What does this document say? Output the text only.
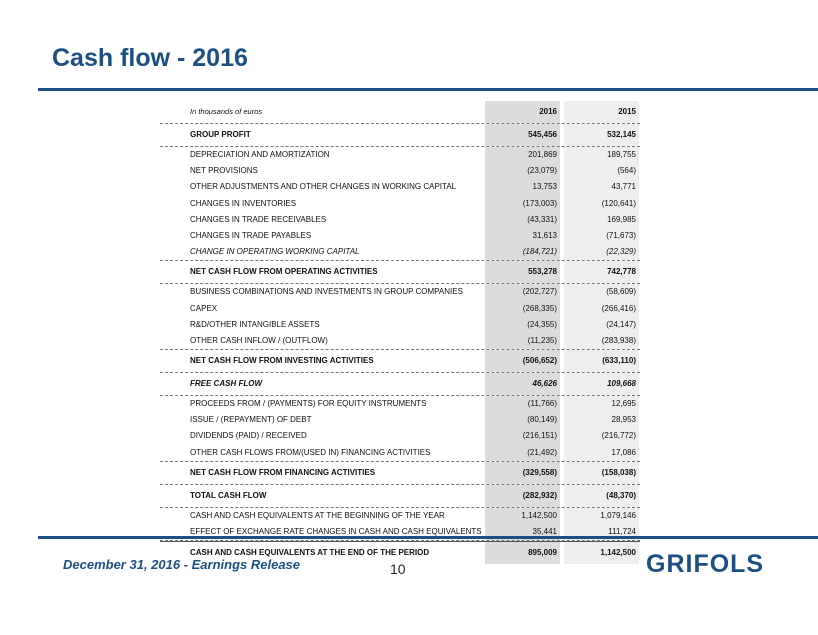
Cash flow - 2016
In thousands of euros	2016	2015
GROUP PROFIT	545,456	532,145
DEPRECIATION AND AMORTIZATION	201,869	189,755
NET PROVISIONS	(23,079)	(564)
OTHER ADJUSTMENTS AND OTHER CHANGES IN WORKING CAPITAL	13,753	43,771
CHANGES IN INVENTORIES	(173,003)	(120,641)
CHANGES IN TRADE RECEIVABLES	(43,331)	169,985
CHANGES IN TRADE PAYABLES	31,613	(71,673)
CHANGE IN OPERATING WORKING CAPITAL	(184,721)	(22,329)
NET CASH FLOW FROM OPERATING ACTIVITIES	553,278	742,778
BUSINESS COMBINATIONS AND INVESTMENTS IN GROUP COMPANIES	(202,727)	(58,609)
CAPEX	(268,335)	(266,416)
R&D/OTHER INTANGIBLE ASSETS	(24,355)	(24,147)
OTHER CASH INFLOW / (OUTFLOW)	(11,235)	(283,938)
NET CASH FLOW FROM INVESTING ACTIVITIES	(506,652)	(633,110)
FREE CASH FLOW	46,626	109,668
PROCEEDS FROM / (PAYMENTS) FOR EQUITY INSTRUMENTS	(11,766)	12,695
ISSUE / (REPAYMENT) OF DEBT	(80,149)	28,953
DIVIDENDS (PAID) / RECEIVED	(216,151)	(216,772)
OTHER CASH FLOWS FROM/(USED IN) FINANCING ACTIVITIES	(21,492)	17,086
NET CASH FLOW FROM FINANCING ACTIVITIES	(329,558)	(158,038)
TOTAL CASH FLOW	(282,932)	(48,370)
CASH AND CASH EQUIVALENTS AT THE BEGINNING OF THE YEAR	1,142,500	1,079,146
EFFECT OF EXCHANGE RATE CHANGES IN CASH AND CASH EQUIVALENTS	35,441	111,724
CASH AND CASH EQUIVALENTS AT THE END OF THE PERIOD	895,009	1,142,500
December 31, 2016 - Earnings Release	10	GRIFOLS
